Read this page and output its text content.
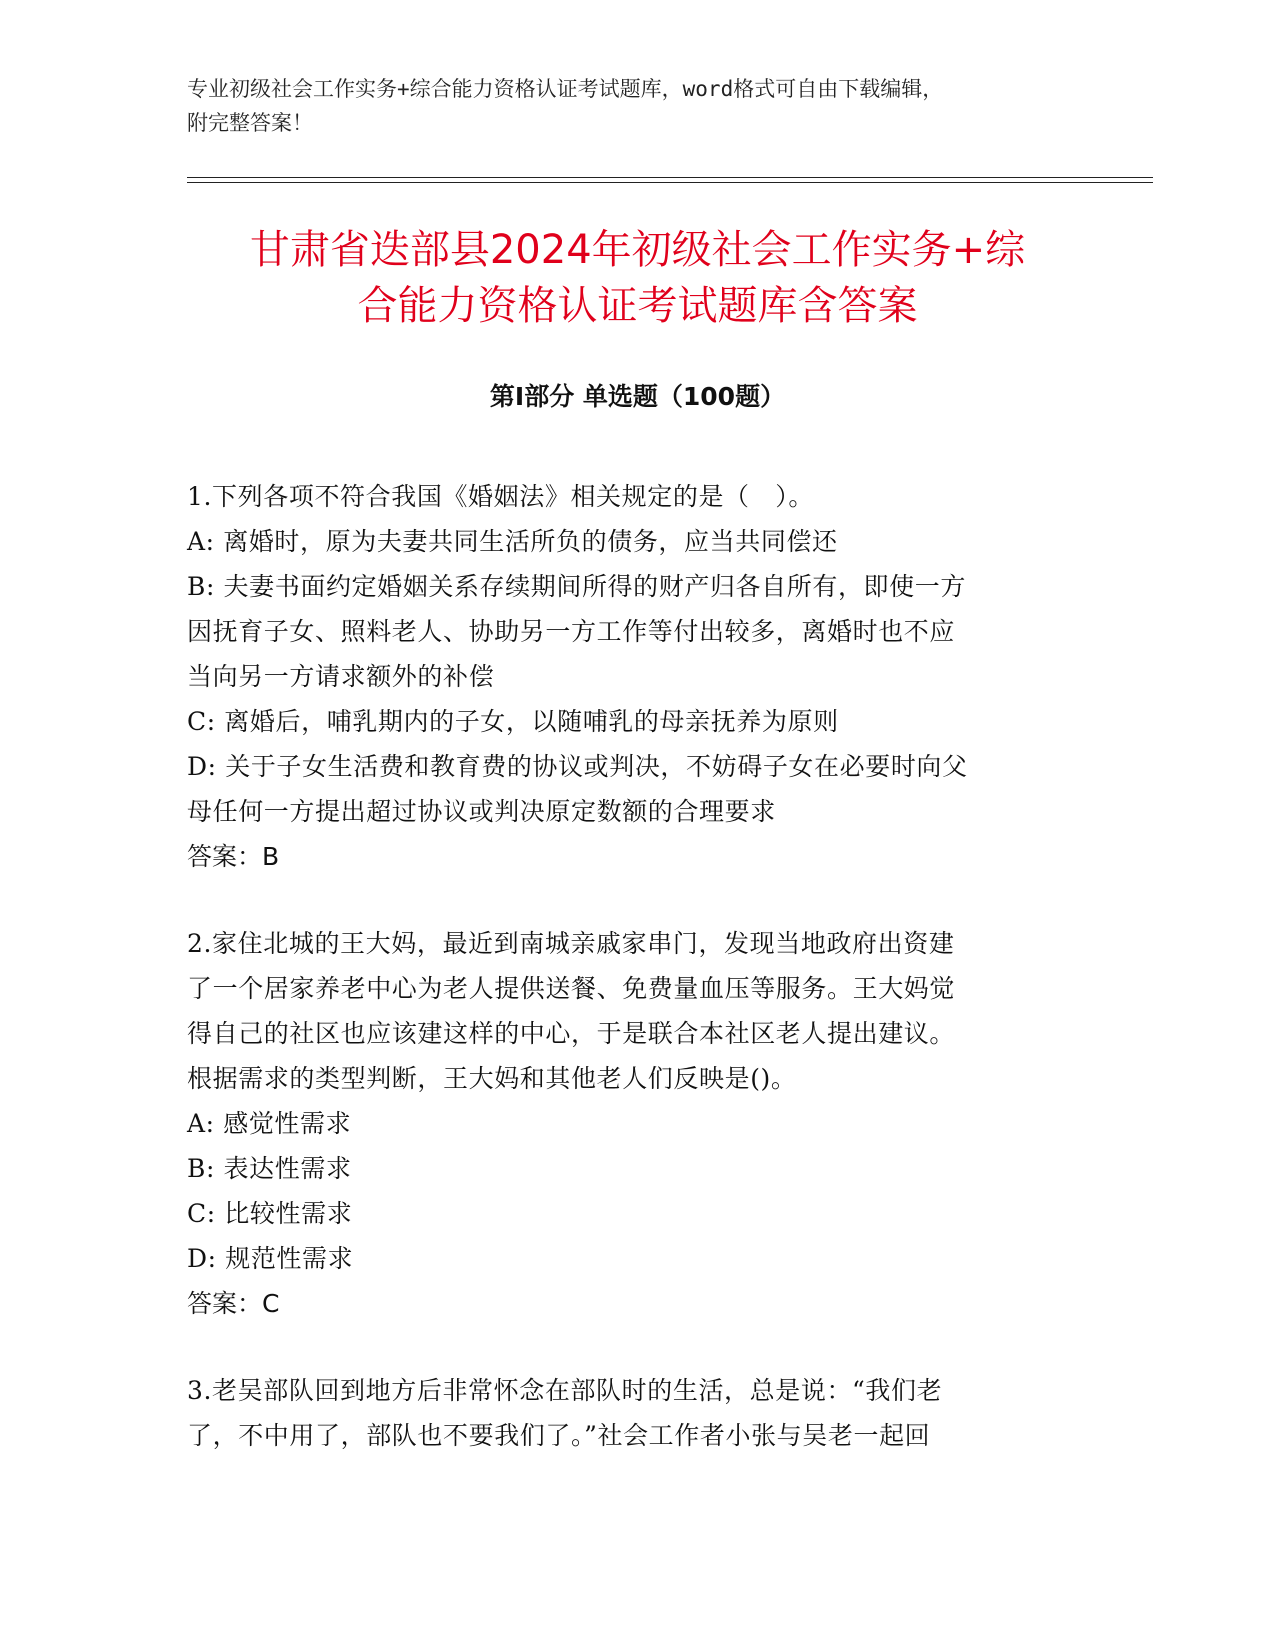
专业初级社会工作实务+综合能力资格认证考试题库，word格式可自由下载编辑，
附完整答案！
甘肃省迭部县2024年初级社会工作实务+综
合能力资格认证考试题库含答案
第Ⅰ部分 单选题（100题）
1.下列各项不符合我国《婚姻法》相关规定的是（　）。
A: 离婚时，原为夫妻共同生活所负的债务，应当共同偿还
B: 夫妻书面约定婚姻关系存续期间所得的财产归各自所有，即使一方
因抚育子女、照料老人、协助另一方工作等付出较多，离婚时也不应
当向另一方请求额外的补偿
C: 离婚后，哺乳期内的子女，以随哺乳的母亲抚养为原则
D: 关于子女生活费和教育费的协议或判决，不妨碍子女在必要时向父
母任何一方提出超过协议或判决原定数额的合理要求
答案：B
2.家住北城的王大妈，最近到南城亲戚家串门，发现当地政府出资建
了一个居家养老中心为老人提供送餐、免费量血压等服务。王大妈觉
得自己的社区也应该建这样的中心，于是联合本社区老人提出建议。
根据需求的类型判断，王大妈和其他老人们反映是()。
A: 感觉性需求
B: 表达性需求
C: 比较性需求
D: 规范性需求
答案：C
3.老吴部队回到地方后非常怀念在部队时的生活，总是说：“我们老
了，不中用了，部队也不要我们了。”社会工作者小张与吴老一起回
